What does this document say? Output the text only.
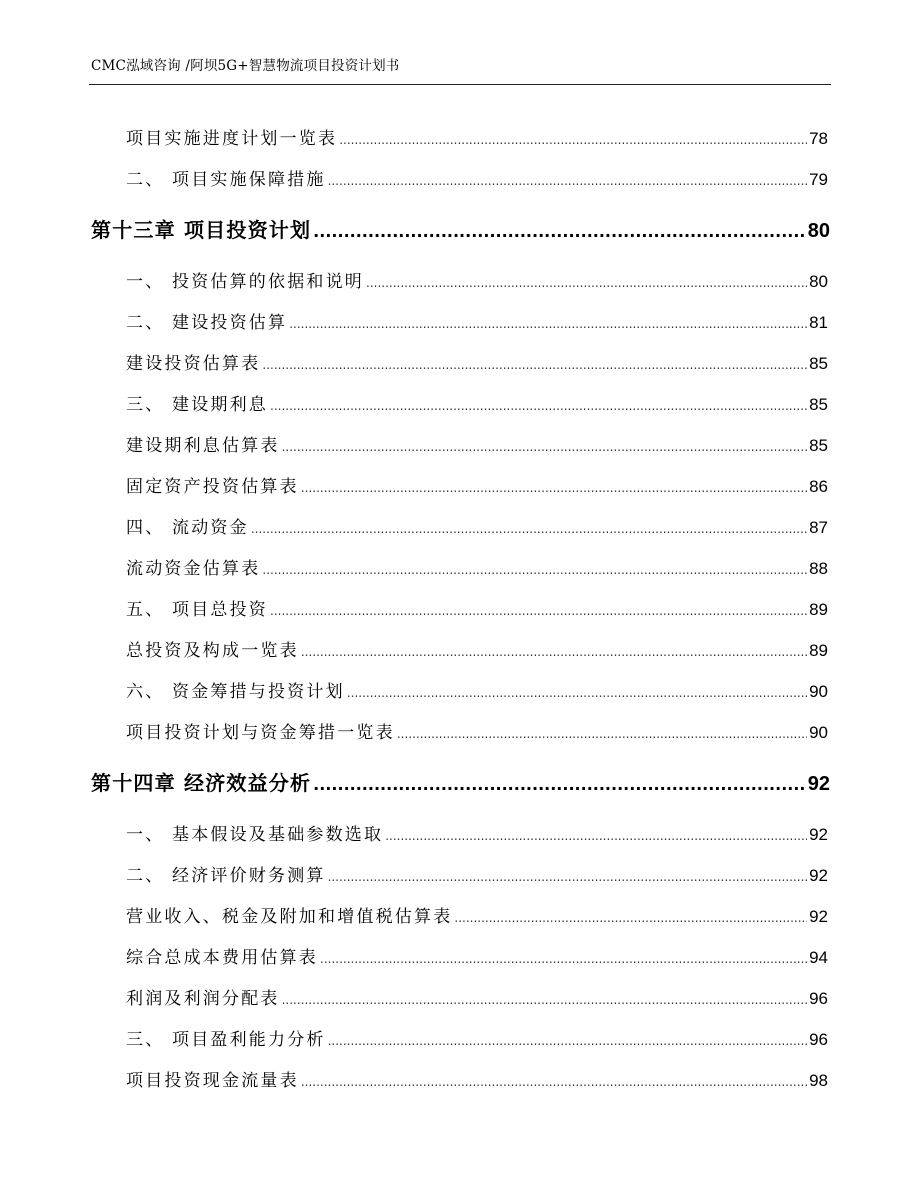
CMC泓域咨询 /阿坝5G+智慧物流项目投资计划书
项目实施进度计划一览表 .....	78
二、 项目实施保障措施 .....	79
第十三章 项目投资计划 .....	80
一、 投资估算的依据和说明 .....	80
二、 建设投资估算 .....	81
建设投资估算表 .....	85
三、 建设期利息 .....	85
建设期利息估算表 .....	85
固定资产投资估算表 .....	86
四、 流动资金 .....	87
流动资金估算表 .....	88
五、 项目总投资 .....	89
总投资及构成一览表 .....	89
六、 资金筹措与投资计划 .....	90
项目投资计划与资金筹措一览表 .....	90
第十四章 经济效益分析 .....	92
一、 基本假设及基础参数选取 .....	92
二、 经济评价财务测算 .....	92
营业收入、税金及附加和增值税估算表 .....	92
综合总成本费用估算表 .....	94
利润及利润分配表 .....	96
三、 项目盈利能力分析 .....	96
项目投资现金流量表 .....	98
